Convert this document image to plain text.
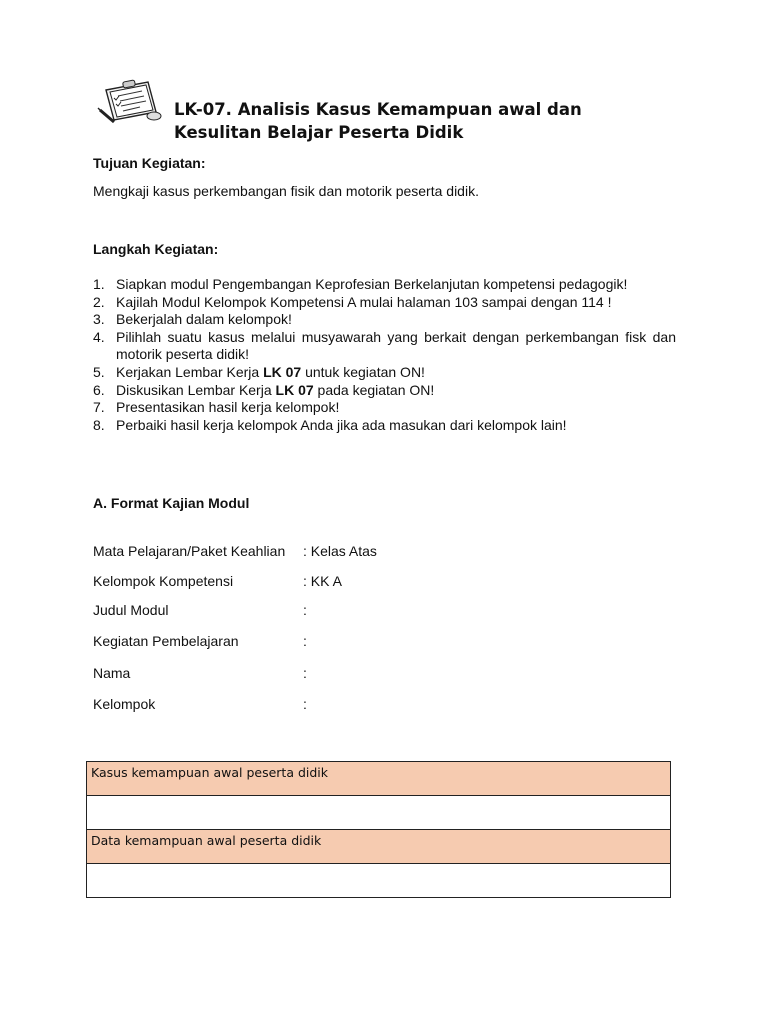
LK-07. Analisis Kasus Kemampuan awal dan
Kesulitan Belajar Peserta Didik
Tujuan Kegiatan:
Mengkaji kasus perkembangan fisik dan motorik peserta didik.
Langkah Kegiatan:
1. Siapkan modul Pengembangan Keprofesian Berkelanjutan kompetensi pedagogik!
2. Kajilah Modul Kelompok Kompetensi A mulai halaman 103 sampai dengan 114 !
3. Bekerjalah dalam kelompok!
4. Pilihlah suatu kasus melalui musyawarah yang berkait dengan perkembangan fisk dan motorik peserta didik!
5. Kerjakan Lembar Kerja LK 07 untuk kegiatan ON!
6. Diskusikan Lembar Kerja LK 07 pada kegiatan ON!
7. Presentasikan hasil kerja kelompok!
8. Perbaiki hasil kerja kelompok Anda jika ada masukan dari kelompok lain!
A. Format Kajian Modul
Mata Pelajaran/Paket Keahlian : Kelas Atas
Kelompok Kompetensi	: KK A
Judul Modul	:
Kegiatan Pembelajaran	:
Nama	:
Kelompok	:
Kasus kemampuan awal peserta didik

Data kemampuan awal peserta didik
